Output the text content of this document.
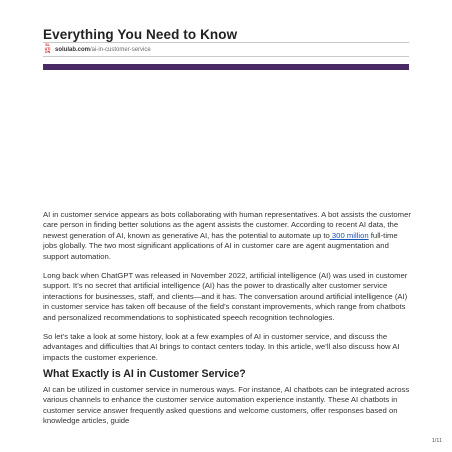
Everything You Need to Know
SL
UTI
ON solulab.com/ai-in-customer-service

AI in customer service appears as bots collaborating with human representatives. A bot assists the customer care person in finding better solutions as the agent assists the customer. According to recent AI data, the newest generation of AI, known as generative AI, has the potential to automate up to 300 million full-time jobs globally. The two most significant applications of AI in customer care are agent augmentation and support automation.

Long back when ChatGPT was released in November 2022, artificial intelligence (AI) was used in customer support. It’s no secret that artificial intelligence (AI) has the power to drastically alter customer service interactions for businesses, staff, and clients—and it has. The conversation around artificial intelligence (AI) in customer service has taken off because of the field’s constant improvements, which range from chatbots and personalized recommendations to sophisticated speech recognition technologies.

So let’s take a look at some history, look at a few examples of AI in customer service, and discuss the advantages and difficulties that AI brings to contact centers today. In this article, we’ll also discuss how AI impacts the customer experience.

What Exactly is AI in Customer Service?

AI can be utilized in customer service in numerous ways. For instance, AI chatbots can be integrated across various channels to enhance the customer service automation experience instantly. These AI chatbots in customer service answer frequently asked questions and welcome customers, offer responses based on knowledge articles, guide

1/11
